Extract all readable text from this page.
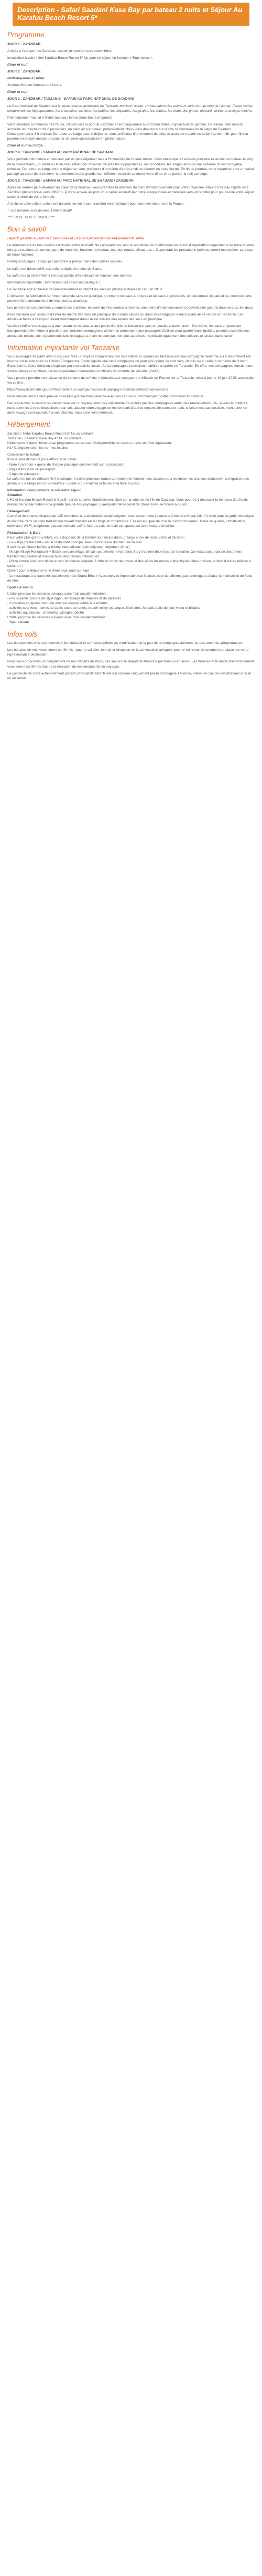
Description - Safari Saadani Kasa Bay par bateau 2 nuits et Séjour Au Karafuu Beach Resort 5*
Programme

JOUR 1 : ZANZIBAR

Arrivée à l'aéroport de Zanzibar, accueil et transfert vers votre Hôtel.

Installation à votre hôtel Karafuu Beach Resort 5* NL pour un séjour en formule « Tout Inclus ».

Dîner et nuit

JOUR 2 : ZANZIBAR

Petit-déjeuner à l'hôtel.

Journée libre en formule tout inclus.

Dîner et nuit

JOUR 3 : ZANZIBAR / TANZANIE - SAFARI AU PARC NATIONAL DE SAADANI

Le Parc National de Saadani est la seule réserve animalière de Tanzanie bordant l'océan. L'observation des animaux varie tout au long de l'année. Faune variée comprenant les hippopotames, les crocodiles, les lions, les buffles, les éléphants, les girafes, les zèbres, les élans, les gnous, léopard, civette et antilope élèche.

Petit-déjeuner matinal à l'hôtel (ou sous forme d'une box à emporter).

Votre aventure commence dès l'aube. Départ vers le port de Zanzibar et embarquement à bord d'un bateau rapide tout de gamme. Ce navire intensément accueille un maximum de 8 passagers, en plein air sur bateau professionnel. Nous vous déposons sur la rive sablonneuse de la plage de Saadani. Débarquement à 4 h environ. De retour au lodge pour le déjeuner, vous profiterez d'un moment de détente avant de repartir en safari l'après-midi, pour finir la journée en beauté devant un coucher de soleil spectaculaire en pleine nature.

Dîner et nuit au lodge.

JOUR 4 : TANZANIE - SAFARI AU PARC NATIONAL DE SAADANI

Votre journée commence en douceur par un petit-déjeuner face à l'immensité de l'océan Indien. Vous embarquerez ensuite pour une excursion en bateau le long de la rivière Wami, un safari au fil de l'eau idéal pour observer de près les hippopotames, les crocodiles, les singes ainsi qu'une avifaune d'une incroyable richesse. De retour au lodge pour le déjeuner, vous profiterez d'un début d'après-midi de détente en toute liberté. En fin de journée, vous repartirez pour un safari partagé au cœur de la réserve, à la recherche des grands mammifères, avant de savourer votre dîner et de passer la nuit au lodge.

JOUR 5 : TANZANIE - SAFARI AU PARC NATIONAL DE SAADANI / ZANZIBAR

Après un dernier petit-déjeuner au cœur de la brousse, vous prendrez la direction du point d'embarquement pour votre traversée retour en bateau rapide vers Zanzibar (départ prévu vers 08h30*). À votre arrivée au port, vous serez accueilli par notre équipe locale et transféré vers votre hôtel pour poursuivre votre séjour selon le choix de votre formule.

À la fin de votre séjour, selon vos horaires de vol retour, transfert vers l'aéroport pour votre vol retour vers la France.

*: Les horaires sont donnés à titre indicatif

*** FIN DE NOS SERVICES***

Bon à savoir

Départs garantis à partir de 2 personnes et jusqu'à 8 personnes par 4x4 pendant le safari.

Le déroulement de nos circuits est donné à titre indicatif. Nos programmes sont susceptibles de modification en raison d'impératifs indépendants de notre volonté tels que rotations aériennes, jours de marchés, horaires de bateau, état des routes, climat, etc.... Cependant les prestations prévues seront respectées, sauf cas de force majeure.

Politique bagages : 15kgs par personne à prévoir dans des valises souples.

Le safari est déconseillé aux enfants âgés de moins de 6 ans.

Le safari sur la rivière Wami est susceptible d'être décalé en fonction des marées.

Information importante : Interdictions des sacs en plastique !

La Tanzanie agit en faveur de l'environnement et interdit les sacs en plastique depuis le 1er juin 2019.

L'utilisation, la fabrication ou l'importation de sacs en plastique, y compris les sacs à ordures et les sacs à provisions, est désormais illégale et les contrevenants peuvent être condamnés à de très lourdes amendes.

Les personnes condamnées y compris les touristes, risquent de très lourdes amendes, une peine d'emprisonnement pouvant aller jusqu'à deux ans, ou les deux.

Il est conseillé aux visiteurs d'éviter de mettre des sacs en plastique dans leurs valises ou dans leurs bagages à main avant de se rendre en Tanzanie. Les articles achetés à l'aéroport avant d'embarquer dans l'avion doivent être retirés des sacs en plastique.

Veuillez vérifier vos bagages à main avant de débarquer aux points d'entrée et laisser les sacs en plastique dans l'avion. De même, les sacs en plastique transparents à fermeture à glissière que certaines compagnies aériennes demandent aux passagers d'utiliser pour garder leurs liquides, produits cosmétiques, articles de toilette, etc. séparément dans le bagage à main ne sont pas non plus autorisés. Ils doivent également être enlevés et laissés dans l'avion.

Information importante vol Tanzanie

Vous envisagez de partir avec nous pour faire un voyage comprenant des vols intérieurs opérés en Tanzanie par une compagnie aérienne qui a récemment été inscrite sur la liste noire de l'Union Européenne. Cette signifie que cette compagnie ne peut pas opérer de vols vers, depuis ou au sein du territoire de l'Union Européenne. Cette décision s'explique par son activité locale. Cette compagnie reste donc habilitée à opérer en Tanzanie. En effet, ces compagnies fonctionnent sont auditées et certifiées par les organismes internationaux officiels de contrôle de sécurité (OACI).

Vous pouvez prendre connaissance du contenu de la fiche « Conseils aux voyageurs » diffusée en France sur la Tanzanie, mise à jour le 19 juin 2025, accessible via ce lien :

https://www.diplomatie.gouv.fr/fr/conseils-aux-voyageurs/conseils-par-pays-destination/tanzanie/#securite

Nous tenions ainsi à faire preuve de la plus grande transparence avec vous en vous communiquant cette information importante.

Par précaution, si vous le souhaitez réserver un voyage avec des vols intérieurs opérés par des compagnies aériennes tanzaniennes. Ou, si vous le préférez, nous sommes à votre disposition pour, soit adapter votre voyage en recherchant d'autres moyens de transport ; soit, si cela n'est pas possible, rechercher un autre voyage correspondant à vos attentes, mais sans vols intérieurs.

Hébergement

Zanzibar: Hôtel Karafuu Beach Resort 5* NL ou similaire

Tanzanie - Saadani: Kasa Bay 4* NL ou similaire

Hébergement dans l'hôtel tel au programme ou en cas d'indisponibilité de ceux-ci, dans un hôtel équivalent.

NL* Catégorie selon les normes locales

Concernant le Safari :

Il vous sera demandé pour effectuer le Safari :

- Nom et prénom + genre de chaque passager comme écrit sur le passeport

- Pays d'émission du passeport

- Copie du passeport

Le safari se fait en véhicule 4x4 électrique. Il existe plusieurs routes qui varient en fonction des saisons pour optimiser les chances d'observer la migration des animaux. Le range est un « chauffeur – guide » qui maitrise la faune et la flore du parc.

Information complémentaire sur votre séjour

Situation

L'Hôtel Karafuu Beach Resort & Spa 5* est un superbe établissement situé sur la côte est de l'île de Zanzibar. Vous pourrez y découvrir la richesse des fonds marins de l'océan Indien et la grande beauté des paysages. L'aéroport international de Stone Town se trouve à 65 km.

Hébergement

Cet hôtel de charme dispose de 135 chambres à la décoration locale soignée. Vous serez hébergé dans la Chambre Moyal (48 m²) situé dans le jardin botanique et décorée dans un style traditionnel mixant mobilier en fer forgé et romantisme. Elle est équipée de tous le confort moderne : literie de qualité, climatisation, télévision, Wi-Fi, téléphone, espace thé/café, coffre-fort. La salle de bain est spacieuse avec vasque émaillée.

Restauration & Bars

Pour votre plus grand confort, vous disposez de la formule tout inclus dans un large choix de restaurants et de bars :

- Le « Kijiji Restaurant » est le restaurant principal avec une terrasse donnant sur la mer.

Il sert de généreux buffets à thème international (petit-déjeuner, déjeuner, dîner)

- Mouje Village Restaurant + Bistro avec un village africain partiellement reproduit, il s'y trouvent deux fois par semaine. Ce restaurant propose des dîners traditionnels swahili et musical avec des danses folkloriques.

- Pizza Amore Avec son décor et son ambiance soignée, il offre un choix de pizzas et des pâtes italiennes authentiques faites maison, et bien d'autres délices à savourer !

Ouvert pour le déjeuner et le dîner sept jours sur sept :

- Le restaurant à la carte en supplément « Le Grand Bleu » Avec une vue imprenable sur l'océan, pour des dîners gastronomiques à base de homard et de fruits de mer.

Sports & loisirs

L'hôtel propose les services suivants sans frais supplémentaires :

- une superbe piscine de style lagon, entourage de transats et de parasols

- 3 piscines équipées dont une avec un espace dédié aux enfants

- activités sportives : tennis de table, court de tennis, beach-volley, pétanque, fléchettes, football, salle de jeux video et billards

- activités aquatiques : snorkeling, plongée, pêche

L'hôtel propose les services suivants avec frais supplémentaires :

- Spa relaxant

Infos vols

Les horaires des vols sont donnés à titre indicatif et sont susceptibles de modification de la part de la compagnie aérienne ou des autorités aéroportuaires.

Les horaires de vols vous seront confirmés : pour le vol aller, lors de la réception de la convocation aéroport, pour le vol retour directement sur place par notre représentant à destination.

Nous vous proposons un complément de nos départs de Paris, des séjours au départ de Province par train ou en avion. Les horaires et le mode d'acheminement vous seront confirmés lors de la réception de vos documents de voyages.

La continuité de votre acheminement jusqu'à votre destination finale est assurée uniquement par la compagnie aérienne, même en cas de perturbations à l'aller ou au retour.
